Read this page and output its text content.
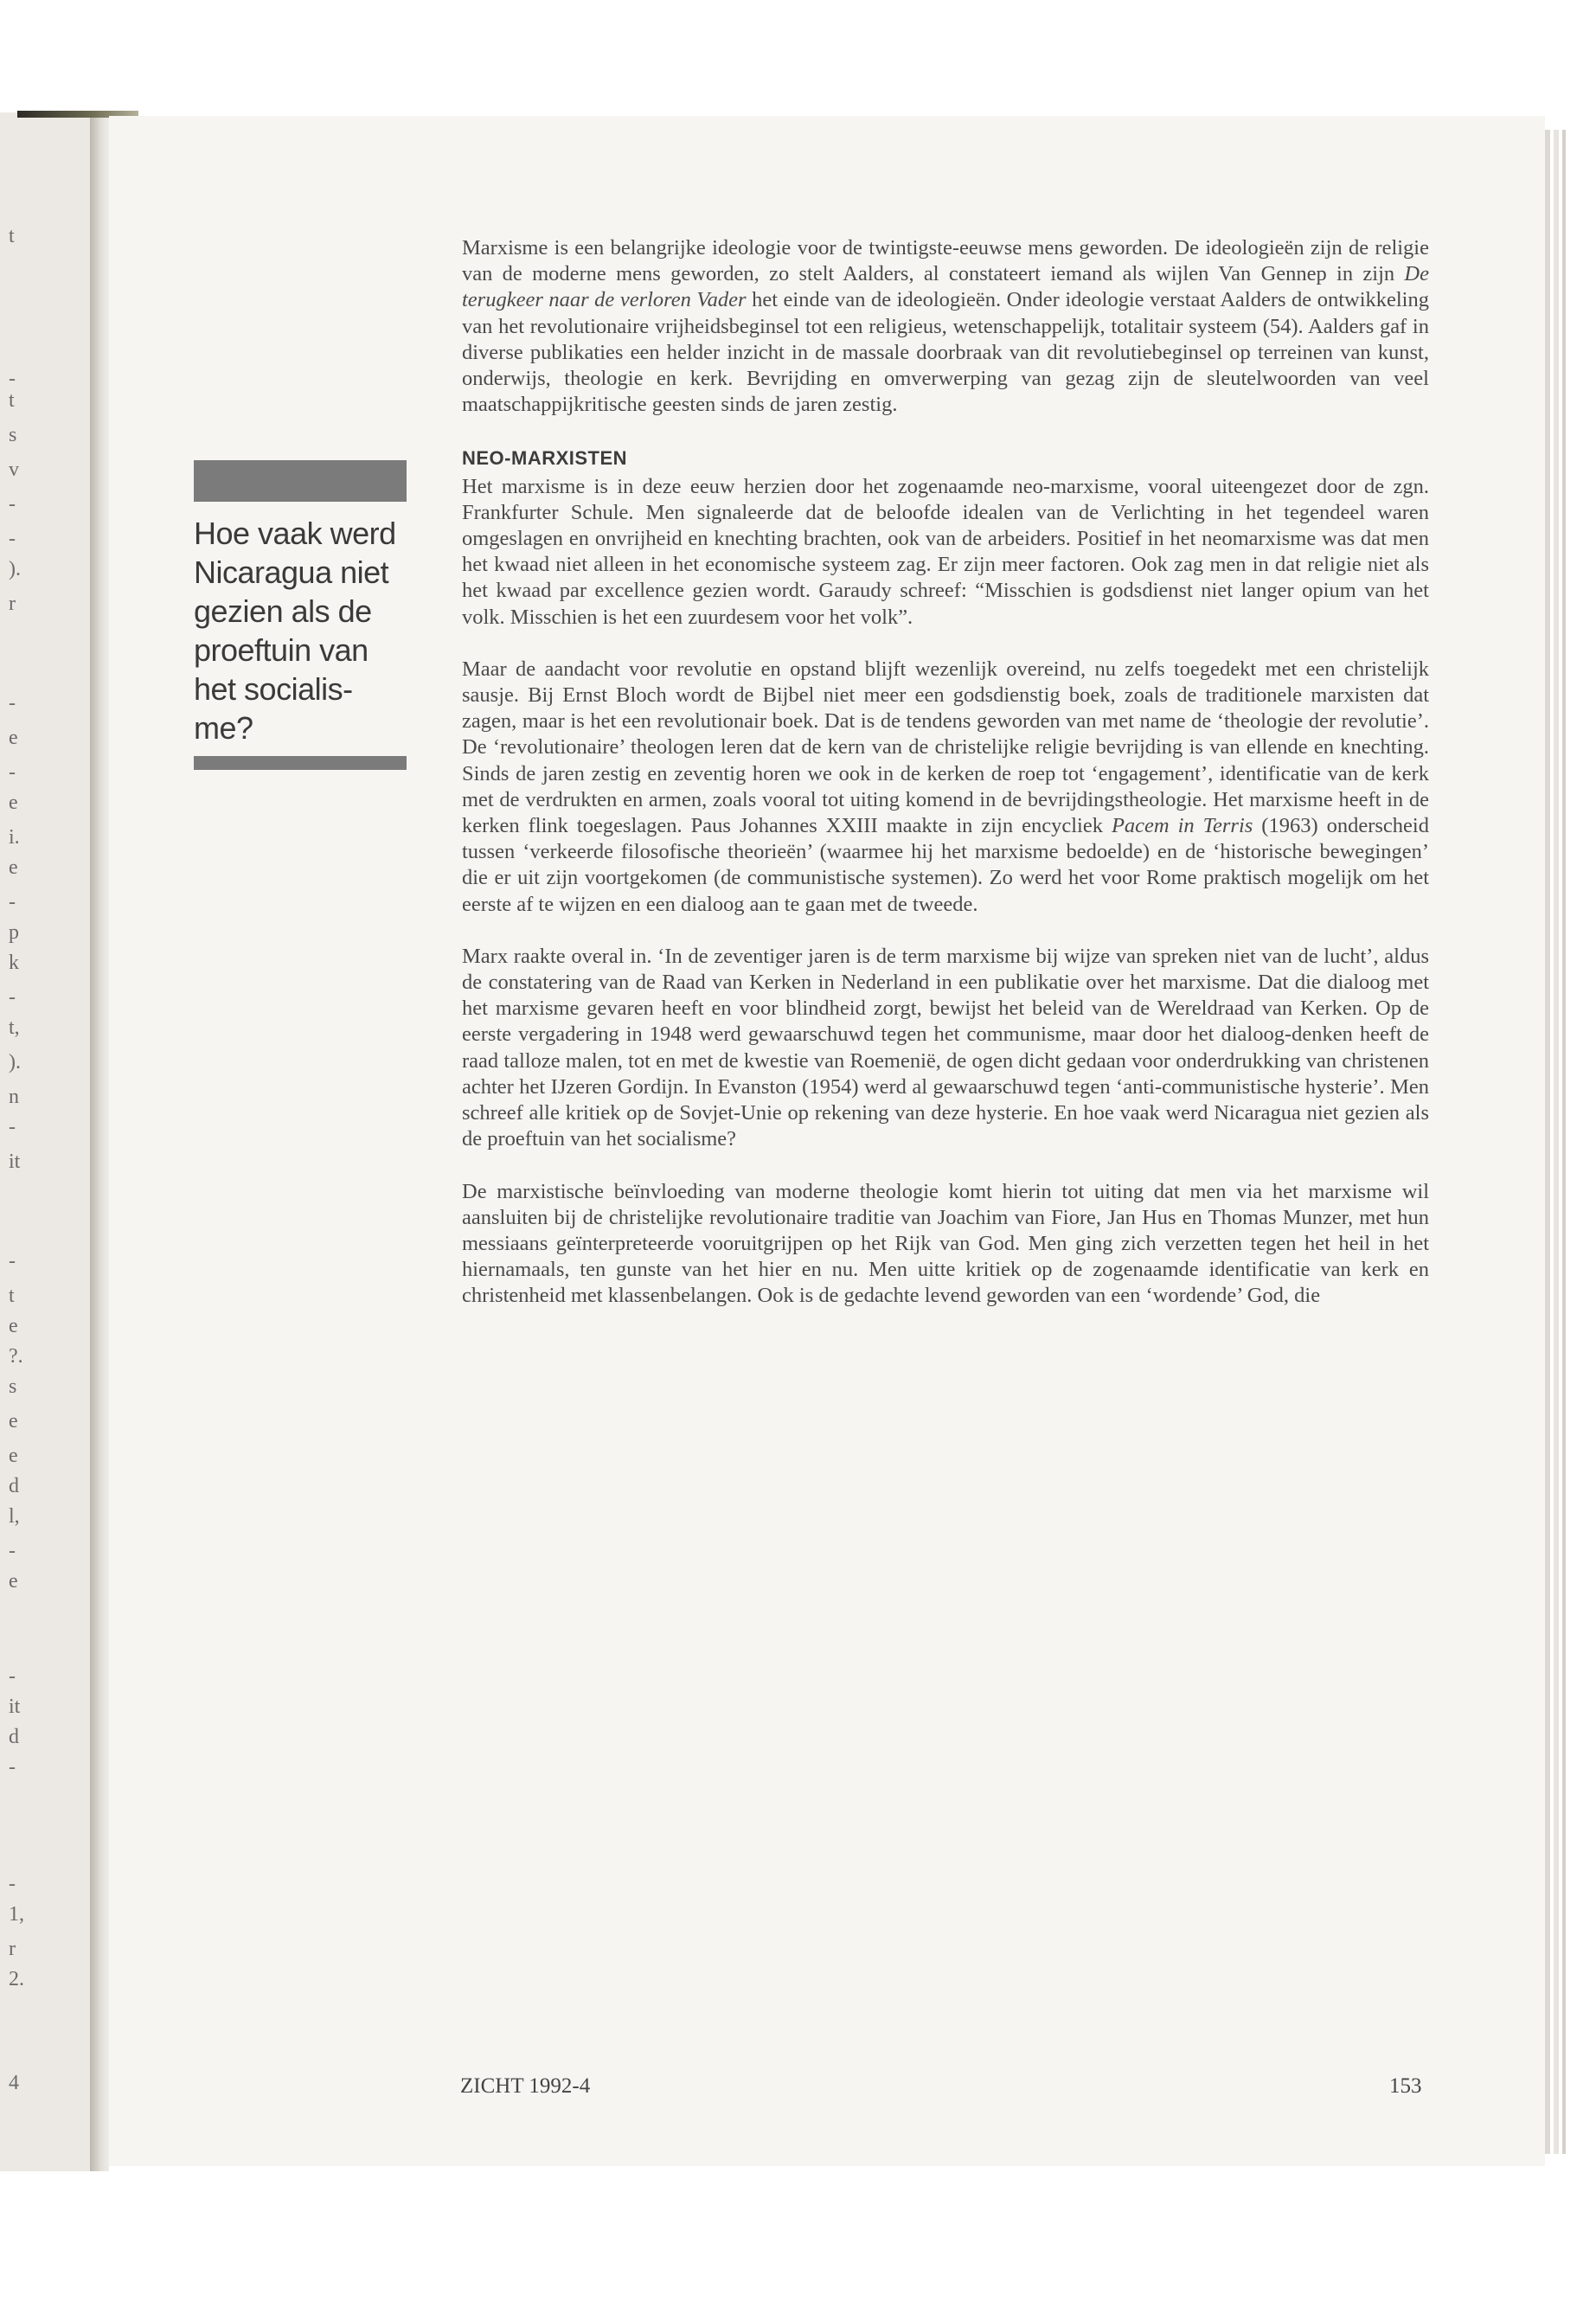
t
-
t
s
v
-
-
).
r
-
e
-
e
i.
e
-
p
k
-
t,
).
n
-
it
-
t
e
?.
s
e
e
d
l,
-
e
-
it
d
-
-
1,
r
2.
4
Hoe vaak werd
Nicaragua niet
gezien als de
proeftuin van
het socialis-
me?

Marxisme is een belangrijke ideologie voor de twintigste-eeuwse mens geworden. De ideologieën zijn de religie van de moderne mens geworden, zo stelt Aalders, al constateert iemand als wijlen Van Gennep in zijn De terugkeer naar de verloren Vader het einde van de ideologieën. Onder ideologie verstaat Aalders de ontwikkeling van het revolutionaire vrijheidsbeginsel tot een religieus, wetenschappelijk, totalitair systeem (54). Aalders gaf in diverse publikaties een helder inzicht in de massale doorbraak van dit revolutiebeginsel op terreinen van kunst, onderwijs, theologie en kerk. Bevrijding en omverwerping van gezag zijn de sleutelwoorden van veel maatschappijkritische geesten sinds de jaren zestig.

NEO-MARXISTEN

Het marxisme is in deze eeuw herzien door het zogenaamde neo-marxisme, vooral uiteengezet door de zgn. Frankfurter Schule. Men signaleerde dat de beloofde idealen van de Verlichting in het tegendeel waren omgeslagen en onvrijheid en knechting brachten, ook van de arbeiders. Positief in het neomarxisme was dat men het kwaad niet alleen in het economische systeem zag. Er zijn meer factoren. Ook zag men in dat religie niet als het kwaad par excellence gezien wordt. Garaudy schreef: “Misschien is godsdienst niet langer opium van het volk. Misschien is het een zuurdesem voor het volk”.

Maar de aandacht voor revolutie en opstand blijft wezenlijk overeind, nu zelfs toegedekt met een christelijk sausje. Bij Ernst Bloch wordt de Bijbel niet meer een godsdienstig boek, zoals de traditionele marxisten dat zagen, maar is het een revolutionair boek. Dat is de tendens geworden van met name de ‘theologie der revolutie’. De ‘revolutionaire’ theologen leren dat de kern van de christelijke religie bevrijding is van ellende en knechting. Sinds de jaren zestig en zeventig horen we ook in de kerken de roep tot ‘engagement’, identificatie van de kerk met de verdrukten en armen, zoals vooral tot uiting komend in de bevrijdingstheologie. Het marxisme heeft in de kerken flink toegeslagen. Paus Johannes XXIII maakte in zijn encycliek Pacem in Terris (1963) onderscheid tussen ‘verkeerde filosofische theorieën’ (waarmee hij het marxisme bedoelde) en de ‘historische bewegingen’ die er uit zijn voortgekomen (de communistische systemen). Zo werd het voor Rome praktisch mogelijk om het eerste af te wijzen en een dialoog aan te gaan met de tweede.

Marx raakte overal in. ‘In de zeventiger jaren is de term marxisme bij wijze van spreken niet van de lucht’, aldus de constatering van de Raad van Kerken in Nederland in een publikatie over het marxisme. Dat die dialoog met het marxisme gevaren heeft en voor blindheid zorgt, bewijst het beleid van de Wereldraad van Kerken. Op de eerste vergadering in 1948 werd gewaarschuwd tegen het communisme, maar door het dialoog-denken heeft de raad talloze malen, tot en met de kwestie van Roemenië, de ogen dicht gedaan voor onderdrukking van christenen achter het IJzeren Gordijn. In Evanston (1954) werd al gewaarschuwd tegen ‘anti-communistische hysterie’. Men schreef alle kritiek op de Sovjet-Unie op rekening van deze hysterie. En hoe vaak werd Nicaragua niet gezien als de proeftuin van het socialisme?

De marxistische beïnvloeding van moderne theologie komt hierin tot uiting dat men via het marxisme wil aansluiten bij de christelijke revolutionaire traditie van Joachim van Fiore, Jan Hus en Thomas Munzer, met hun messiaans geïnterpreteerde vooruitgrijpen op het Rijk van God. Men ging zich verzetten tegen het heil in het hiernamaals, ten gunste van het hier en nu. Men uitte kritiek op de zogenaamde identificatie van kerk en christenheid met klassenbelangen. Ook is de gedachte levend geworden van een ‘wordende’ God, die

ZICHT 1992-4	153
